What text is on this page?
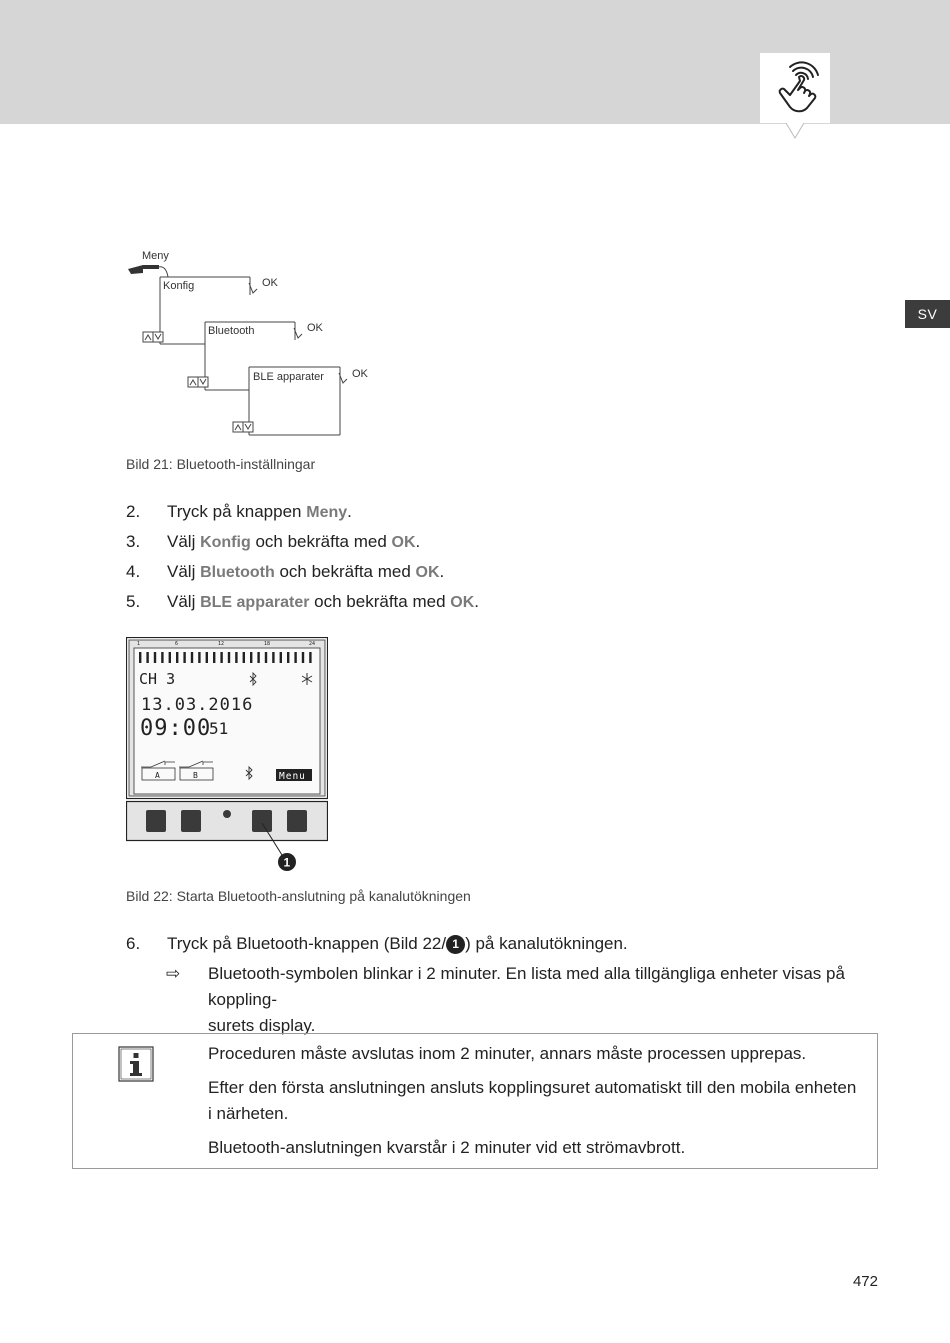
SV
Meny
Konfig	OK
Bluetooth	OK
BLE apparater	OK
Bild 21: Bluetooth-inställningar
2.	Tryck på knappen Meny.
3.	Välj Konfig och bekräfta med OK.
4.	Välj Bluetooth och bekräfta med OK.
5.	Välj BLE apparater och bekräfta med OK.
1	6	12	18	24
CH 3
13.03.2016
09:00
51
A	B	Menu
1
Bild 22: Starta Bluetooth-anslutning på kanalutökningen
6. Tryck på Bluetooth-knappen (Bild 22/ 1 ) på kanalutökningen.
⇨	Bluetooth-symbolen blinkar i 2 minuter. En lista med alla tillgängliga enheter visas på koppling-
surets display.

Proceduren måste avslutas inom 2 minuter, annars måste processen upprepas.

Efter den första anslutningen ansluts kopplingsuret automatiskt till den mobila enheten i närheten.

Bluetooth-anslutningen kvarstår i 2 minuter vid ett strömavbrott.

472
